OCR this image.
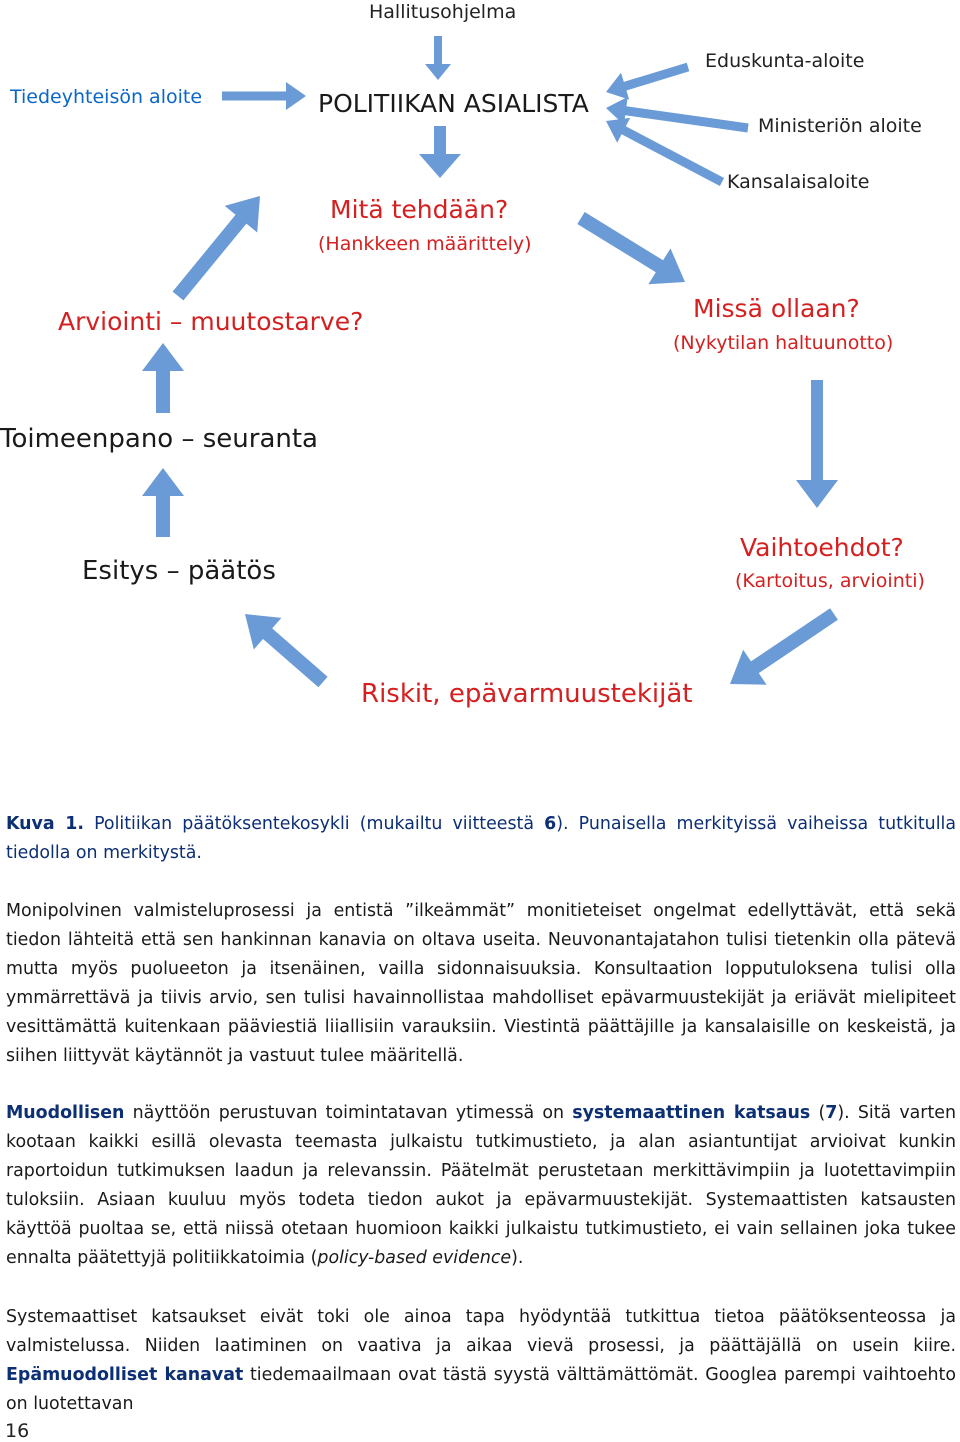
Hallitusohjelma
Tiedeyhteisön aloite	POLITIIKAN ASIALISTA
Eduskunta-aloite
Ministeriön aloite
Kansalaisaloite
Mitä tehdään?
(Hankkeen määrittely)
Arviointi – muutostarve?	Missä ollaan?
(Nykytilan haltuunotto)
Toimeenpano – seuranta
Esitys – päätös
Vaihtoehdot?
(Kartoitus, arviointi)
Riskit, epävarmuustekijät

Kuva 1. Politiikan päätöksentekosykli (mukailtu viitteestä 6). Punaisella merkityissä vaiheissa tutkitulla tiedolla on merkitystä.

Monipolvinen valmisteluprosessi ja entistä ”ilkeämmät” monitieteiset ongelmat edellyttävät, että sekä tiedon lähteitä että sen hankinnan kanavia on oltava useita. Neuvonantajatahon tulisi tietenkin olla pätevä mutta myös puolueeton ja itsenäinen, vailla sidonnaisuuksia. Konsultaation lopputuloksena tulisi olla ymmärrettävä ja tiivis arvio, sen tulisi havainnollistaa mahdolliset epävarmuustekijät ja eriävät mielipiteet vesittämättä kuitenkaan pääviestiä liiallisiin varauksiin. Viestintä päättäjille ja kansalaisille on keskeistä, ja siihen liittyvät käytännöt ja vastuut tulee määritellä.

Muodollisen näyttöön perustuvan toimintatavan ytimessä on systemaattinen katsaus (7). Sitä varten kootaan kaikki esillä olevasta teemasta julkaistu tutkimustieto, ja alan asiantuntijat arvioivat kunkin raportoidun tutkimuksen laadun ja relevanssin. Päätelmät perustetaan merkittävimpiin ja luotettavimpiin tuloksiin. Asiaan kuuluu myös todeta tiedon aukot ja epävarmuustekijät. Systemaattisten katsausten käyttöä puoltaa se, että niissä otetaan huomioon kaikki julkaistu tutkimustieto, ei vain sellainen joka tukee ennalta päätettyjä politiikkatoimia (policy-based evidence).

Systemaattiset katsaukset eivät toki ole ainoa tapa hyödyntää tutkittua tietoa päätöksenteossa ja valmistelussa. Niiden laatiminen on vaativa ja aikaa vievä prosessi, ja päättäjällä on usein kiire. Epämuodolliset kanavat tiedemaailmaan ovat tästä syystä välttämättömät. Googlea parempi vaihtoehto on luotettavan

16
